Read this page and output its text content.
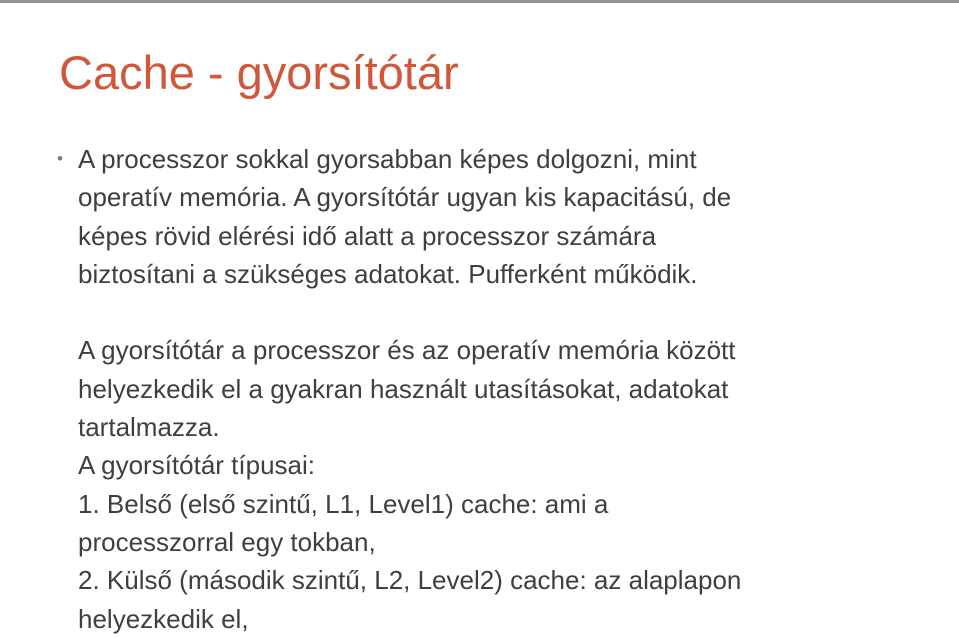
Cache - gyorsítótár

• A processzor sokkal gyorsabban képes dolgozni, mint
operatív memória. A gyorsítótár ugyan kis kapacitású, de
képes rövid elérési idő alatt a processzor számára
biztosítani a szükséges adatokat. Pufferként működik.

A gyorsítótár a processzor és az operatív memória között
helyezkedik el a gyakran használt utasításokat, adatokat
tartalmazza.
A gyorsítótár típusai:
1. Belső (első szintű, L1, Level1) cache: ami a
processzorral egy tokban,
2. Külső (második szintű, L2, Level2) cache: az alaplapon
helyezkedik el,
